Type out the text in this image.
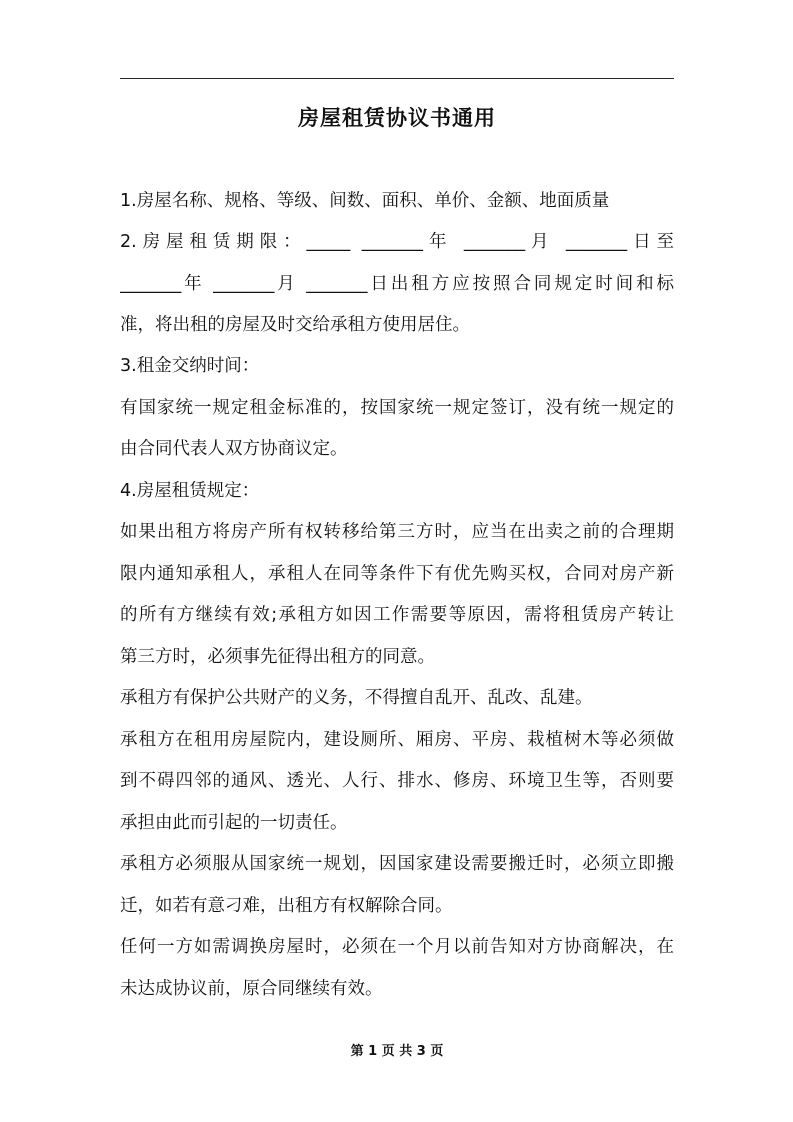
房屋租赁协议书通用
1.房屋名称、规格、等级、间数、面积、单价、金额、地面质量
2.房屋租赁期限：_____ _______年 _______月 _______日至
_______年 _______月 _______日出租方应按照合同规定时间和标
准，将出租的房屋及时交给承租方使用居住。
3.租金交纳时间：
有国家统一规定租金标准的，按国家统一规定签订，没有统一规定的
由合同代表人双方协商议定。
4.房屋租赁规定：
如果出租方将房产所有权转移给第三方时，应当在出卖之前的合理期
限内通知承租人，承租人在同等条件下有优先购买权，合同对房产新
的所有方继续有效;承租方如因工作需要等原因，需将租赁房产转让
第三方时，必须事先征得出租方的同意。
承租方有保护公共财产的义务，不得擅自乱开、乱改、乱建。
承租方在租用房屋院内，建设厕所、厢房、平房、栽植树木等必须做
到不碍四邻的通风、透光、人行、排水、修房、环境卫生等，否则要
承担由此而引起的一切责任。
承租方必须服从国家统一规划，因国家建设需要搬迁时，必须立即搬
迁，如若有意刁难，出租方有权解除合同。
任何一方如需调换房屋时，必须在一个月以前告知对方协商解决，在
未达成协议前，原合同继续有效。
第 1 页 共 3 页
